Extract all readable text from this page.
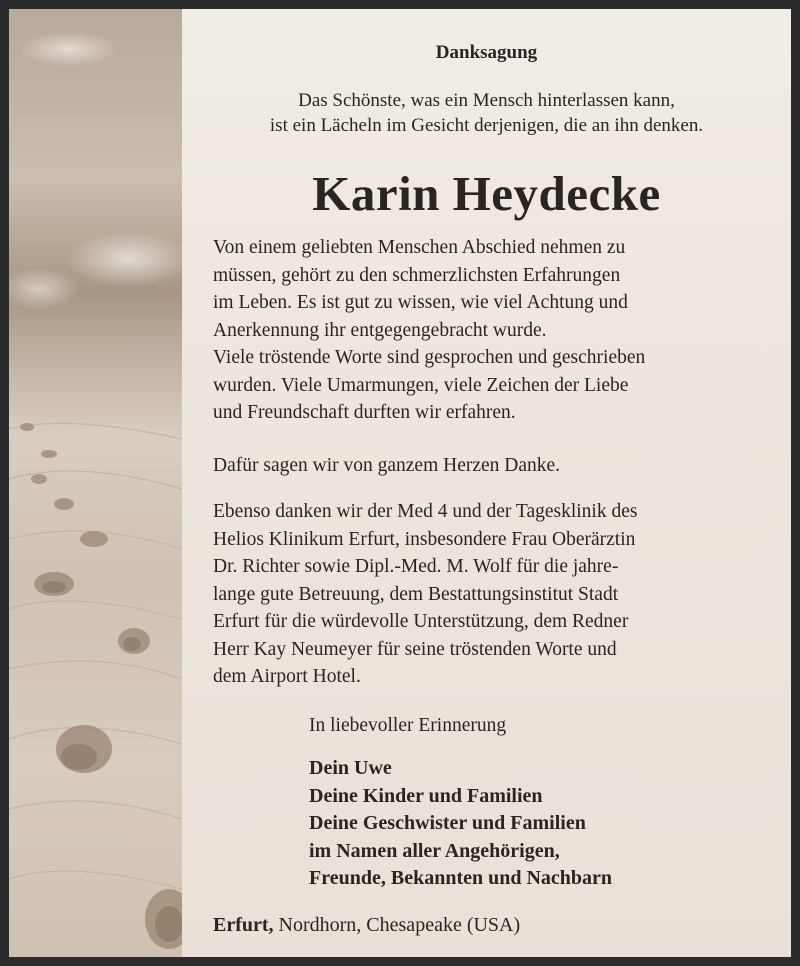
Danksagung
Das Schönste, was ein Mensch hinterlassen kann,
ist ein Lächeln im Gesicht derjenigen, die an ihn denken.
Karin Heydecke
Von einem geliebten Menschen Abschied nehmen zu
müssen, gehört zu den schmerzlichsten Erfahrungen
im Leben. Es ist gut zu wissen, wie viel Achtung und
Anerkennung ihr entgegengebracht wurde.
Viele tröstende Worte sind gesprochen und geschrieben
wurden. Viele Umarmungen, viele Zeichen der Liebe
und Freundschaft durften wir erfahren.
Dafür sagen wir von ganzem Herzen Danke.
Ebenso danken wir der Med 4 und der Tagesklinik des
Helios Klinikum Erfurt, insbesondere Frau Oberärztin
Dr. Richter sowie Dipl.-Med. M. Wolf für die jahre-
lange gute Betreuung, dem Bestattungsinstitut Stadt
Erfurt für die würdevolle Unterstützung, dem Redner
Herr Kay Neumeyer für seine tröstenden Worte und
dem Airport Hotel.
In liebevoller Erinnerung
Dein Uwe
Deine Kinder und Familien
Deine Geschwister und Familien
im Namen aller Angehörigen,
Freunde, Bekannten und Nachbarn
Erfurt, Nordhorn, Chesapeake (USA)
